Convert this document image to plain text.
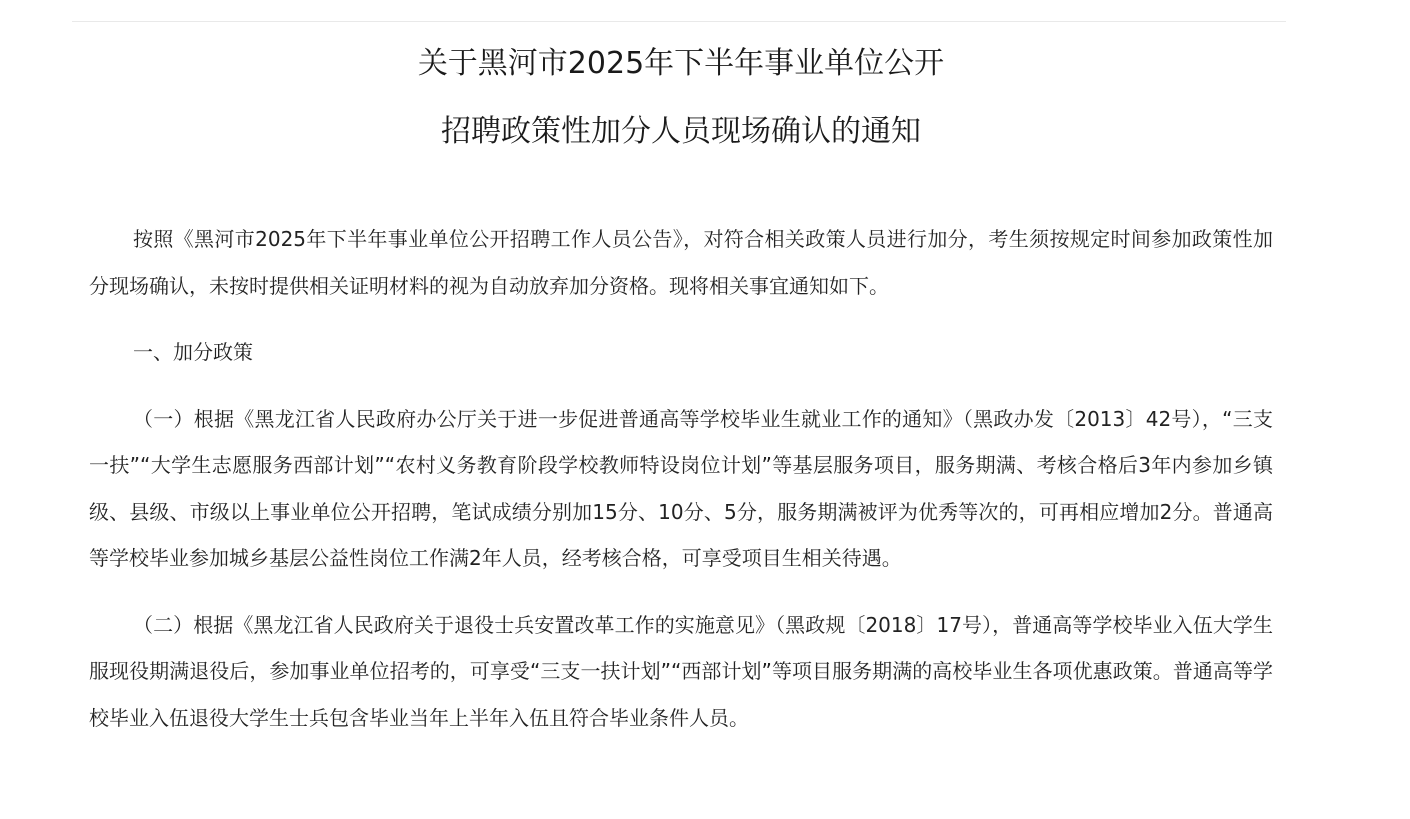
关于黑河市2025年下半年事业单位公开
招聘政策性加分人员现场确认的通知

按照《黑河市2025年下半年事业单位公开招聘工作人员公告》，对符合相关政策人员进行加分，考生须按规定时间参加政策性加分现场确认，未按时提供相关证明材料的视为自动放弃加分资格。现将相关事宜通知如下。

一、加分政策

（一）根据《黑龙江省人民政府办公厅关于进一步促进普通高等学校毕业生就业工作的通知》（黑政办发〔2013〕42号），“三支一扶”“大学生志愿服务西部计划”“农村义务教育阶段学校教师特设岗位计划”等基层服务项目，服务期满、考核合格后3年内参加乡镇级、县级、市级以上事业单位公开招聘，笔试成绩分别加15分、10分、5分，服务期满被评为优秀等次的，可再相应增加2分。普通高等学校毕业参加城乡基层公益性岗位工作满2年人员，经考核合格，可享受项目生相关待遇。

（二）根据《黑龙江省人民政府关于退役士兵安置改革工作的实施意见》（黑政规〔2018〕17号），普通高等学校毕业入伍大学生服现役期满退役后，参加事业单位招考的，可享受“三支一扶计划”“西部计划”等项目服务期满的高校毕业生各项优惠政策。普通高等学校毕业入伍退役大学生士兵包含毕业当年上半年入伍且符合毕业条件人员。
